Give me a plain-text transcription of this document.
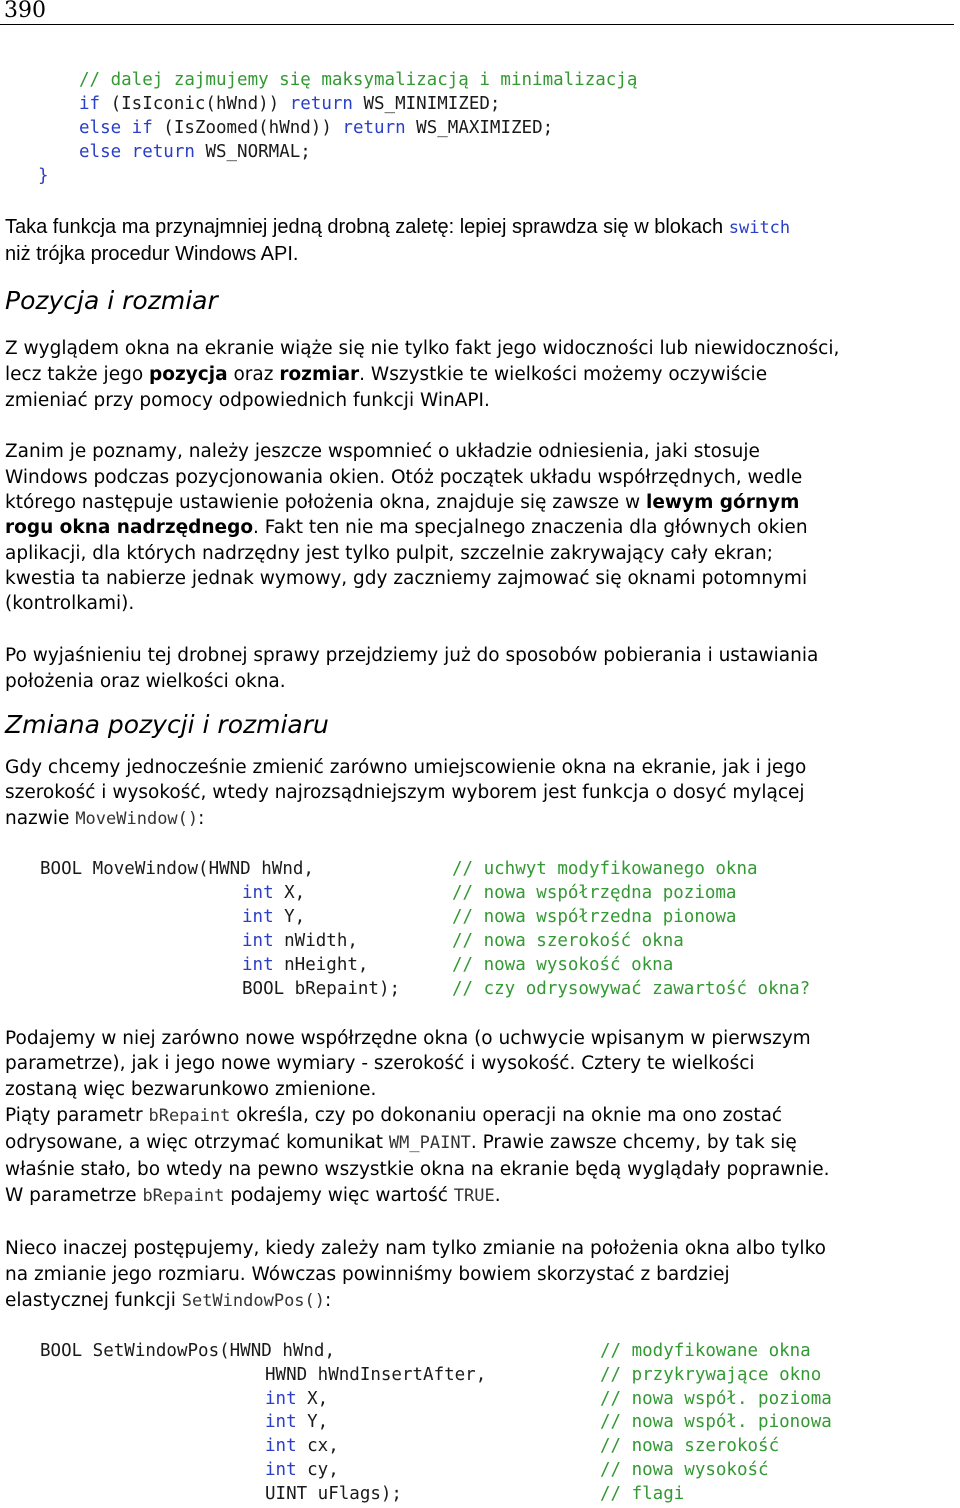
390
// dalej zajmujemy się maksymalizacją i minimalizacją
if (IsIconic(hWnd)) return WS_MINIMIZED;
else if (IsZoomed(hWnd)) return WS_MAXIMIZED;
else return WS_NORMAL;
}
Taka funkcja ma przynajmniej jedną drobną zaletę: lepiej sprawdza się w blokach switch
niż trójka procedur Windows API.
Pozycja i rozmiar
Z wyglądem okna na ekranie wiąże się nie tylko fakt jego widoczności lub niewidoczności,
lecz także jego pozycja oraz rozmiar. Wszystkie te wielkości możemy oczywiście
zmieniać przy pomocy odpowiednich funkcji WinAPI.
Zanim je poznamy, należy jeszcze wspomnieć o układzie odniesienia, jaki stosuje
Windows podczas pozycjonowania okien. Otóż początek układu współrzędnych, wedle
którego następuje ustawienie położenia okna, znajduje się zawsze w lewym górnym
rogu okna nadrzędnego. Fakt ten nie ma specjalnego znaczenia dla głównych okien
aplikacji, dla których nadrzędny jest tylko pulpit, szczelnie zakrywający cały ekran;
kwestia ta nabierze jednak wymowy, gdy zaczniemy zajmować się oknami potomnymi
(kontrolkami).
Po wyjaśnieniu tej drobnej sprawy przejdziemy już do sposobów pobierania i ustawiania
położenia oraz wielkości okna.
Zmiana pozycji i rozmiaru
Gdy chcemy jednocześnie zmienić zarówno umiejscowienie okna na ekranie, jak i jego
szerokość i wysokość, wtedy najrozsądniejszym wyborem jest funkcja o dosyć mylącej
nazwie MoveWindow():
BOOL MoveWindow(HWND hWnd,	// uchwyt modyfikowanego okna
int X,	// nowa współrzędna pozioma
int Y,	// nowa współrzedna pionowa
int nWidth,	// nowa szerokość okna
int nHeight,	// nowa wysokość okna
BOOL bRepaint);	// czy odrysowywać zawartość okna?
Podajemy w niej zarówno nowe współrzędne okna (o uchwycie wpisanym w pierwszym
parametrze), jak i jego nowe wymiary - szerokość i wysokość. Cztery te wielkości
zostaną więc bezwarunkowo zmienione.
Piąty parametr bRepaint określa, czy po dokonaniu operacji na oknie ma ono zostać
odrysowane, a więc otrzymać komunikat WM_PAINT. Prawie zawsze chcemy, by tak się
właśnie stało, bo wtedy na pewno wszystkie okna na ekranie będą wyglądały poprawnie.
W parametrze bRepaint podajemy więc wartość TRUE.
Nieco inaczej postępujemy, kiedy zależy nam tylko zmianie na położenia okna albo tylko
na zmianie jego rozmiaru. Wówczas powinniśmy bowiem skorzystać z bardziej
elastycznej funkcji SetWindowPos():
BOOL SetWindowPos(HWND hWnd,	// modyfikowane okna
HWND hWndInsertAfter,	// przykrywające okno
int X,	// nowa współ. pozioma
int Y,	// nowa współ. pionowa
int cx,	// nowa szerokość
int cy,	// nowa wysokość
UINT uFlags);	// flagi
